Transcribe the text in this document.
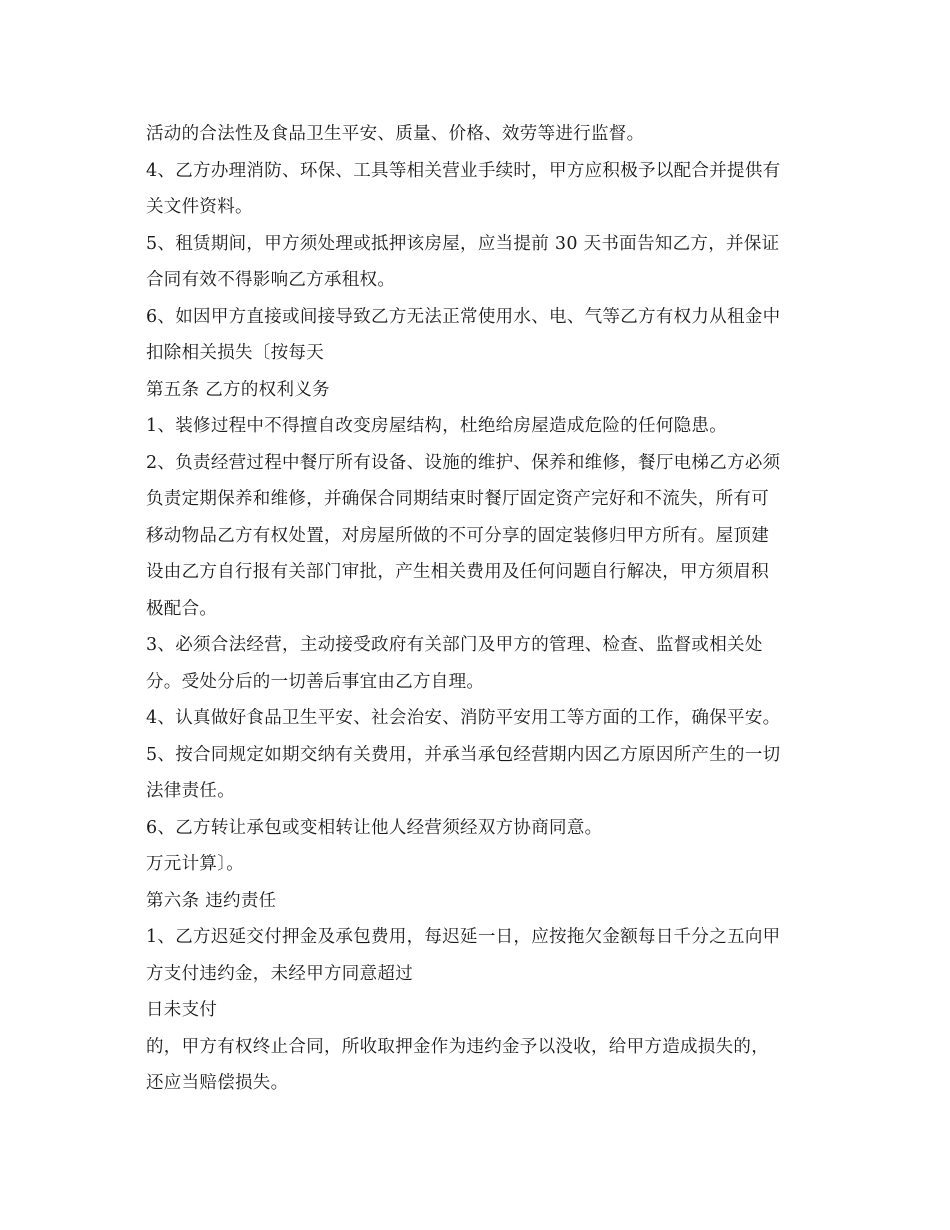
活动的合法性及食品卫生平安、质量、价格、效劳等进行监督。
4、乙方办理消防、环保、工具等相关营业手续时，甲方应积极予以配合并提供有
关文件资料。
5、租赁期间，甲方须处理或抵押该房屋，应当提前 30 天书面告知乙方，并保证
合同有效不得影响乙方承租权。
6、如因甲方直接或间接导致乙方无法正常使用水、电、气等乙方有权力从租金中
扣除相关损失〔按每天
第五条 乙方的权利义务
1、装修过程中不得擅自改变房屋结构，杜绝给房屋造成危险的任何隐患。
2、负责经营过程中餐厅所有设备、设施的维护、保养和维修，餐厅电梯乙方必须
负责定期保养和维修，并确保合同期结束时餐厅固定资产完好和不流失，所有可
移动物品乙方有权处置，对房屋所做的不可分享的固定装修归甲方所有。屋顶建
设由乙方自行报有关部门审批，产生相关费用及任何问题自行解决，甲方须眉积
极配合。
3、必须合法经营，主动接受政府有关部门及甲方的管理、检查、监督或相关处
分。受处分后的一切善后事宜由乙方自理。
4、认真做好食品卫生平安、社会治安、消防平安用工等方面的工作，确保平安。
5、按合同规定如期交纳有关费用，并承当承包经营期内因乙方原因所产生的一切
法律责任。
6、乙方转让承包或变相转让他人经营须经双方协商同意。
万元计算〕。
第六条 违约责任
1、乙方迟延交付押金及承包费用，每迟延一日，应按拖欠金额每日千分之五向甲
方支付违约金，未经甲方同意超过
日未支付
的，甲方有权终止合同，所收取押金作为违约金予以没收，给甲方造成损失的，
还应当赔偿损失。
